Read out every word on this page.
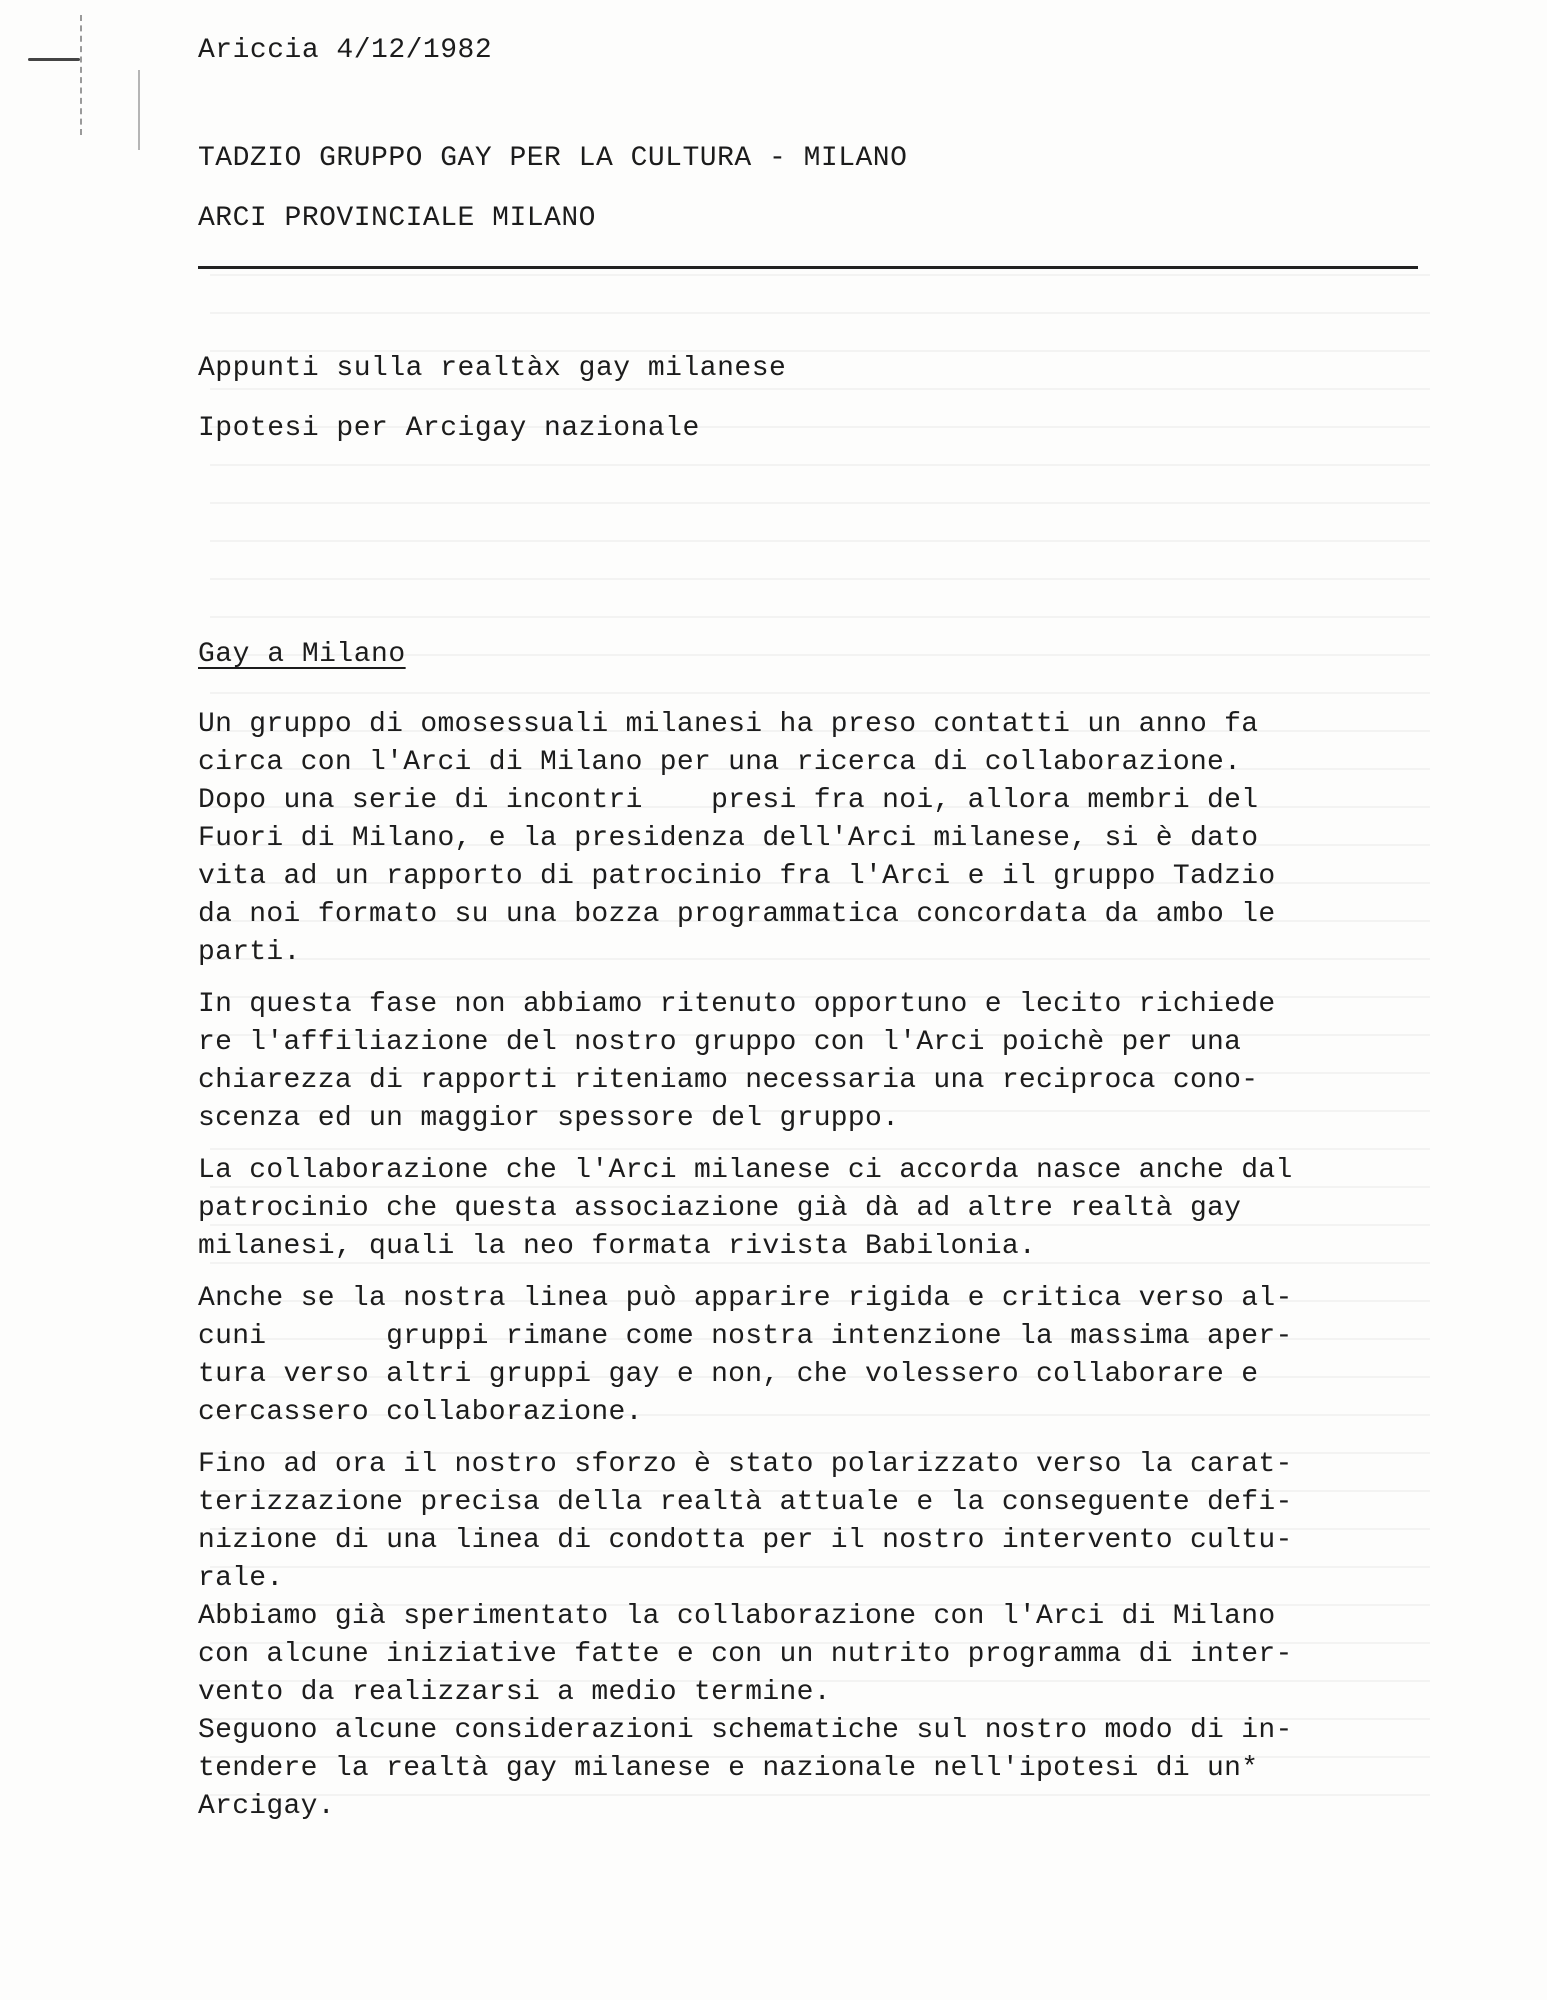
Ariccia 4/12/1982
TADZIO GRUPPO GAY PER LA CULTURA - MILANO
ARCI PROVINCIALE MILANO
Appunti sulla realtàx gay milanese
Ipotesi per Arcigay nazionale
Gay a Milano

Un gruppo di omosessuali milanesi ha preso contatti un anno fa
circa con l'Arci di Milano per una ricerca di collaborazione.
Dopo una serie di incontri    presi fra noi, allora membri del
Fuori di Milano, e la presidenza dell'Arci milanese, si è dato
vita ad un rapporto di patrocinio fra l'Arci e il gruppo Tadzio
da noi formato su una bozza programmatica concordata da ambo le
parti.

In questa fase non abbiamo ritenuto opportuno e lecito richiede
re l'affiliazione del nostro gruppo con l'Arci poichè per una
chiarezza di rapporti riteniamo necessaria una reciproca cono-
scenza ed un maggior spessore del gruppo.

La collaborazione che l'Arci milanese ci accorda nasce anche dal
patrocinio che questa associazione già dà ad altre realtà gay
milanesi, quali la neo formata rivista Babilonia.

Anche se la nostra linea può apparire rigida e critica verso al-
cuni       gruppi rimane come nostra intenzione la massima aper-
tura verso altri gruppi gay e non, che volessero collaborare e
cercassero collaborazione.

Fino ad ora il nostro sforzo è stato polarizzato verso la carat-
terizzazione precisa della realtà attuale e la conseguente defi-
nizione di una linea di condotta per il nostro intervento cultu-
rale.

Abbiamo già sperimentato la collaborazione con l'Arci di Milano
con alcune iniziative fatte e con un nutrito programma di inter-
vento da realizzarsi a medio termine.

Seguono alcune considerazioni schematiche sul nostro modo di in-
tendere la realtà gay milanese e nazionale nell'ipotesi di un*
Arcigay.
